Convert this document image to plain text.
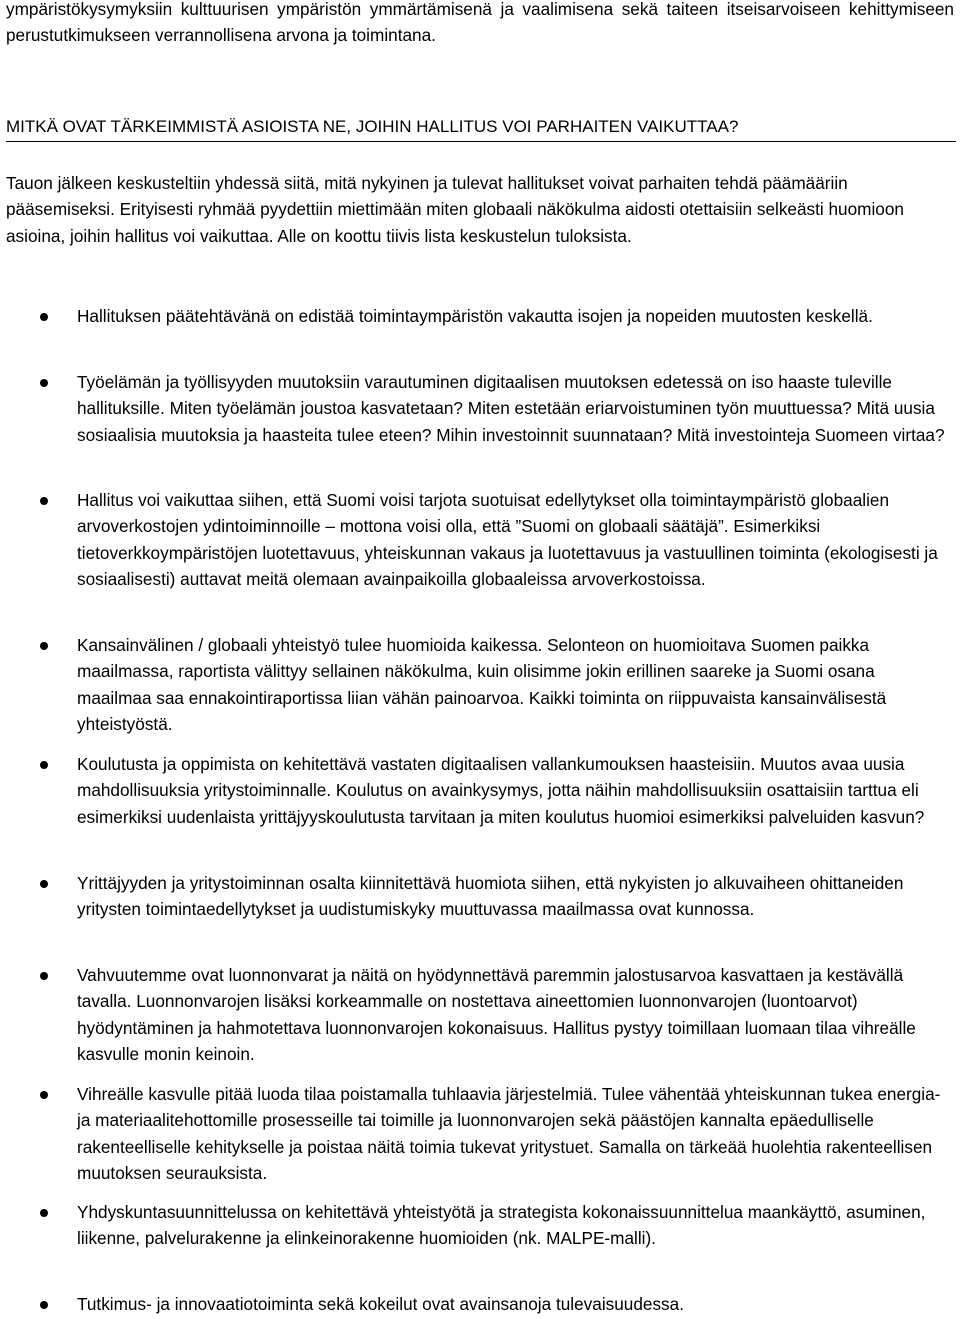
ympäristökysymyksiin kulttuurisen ympäristön ymmärtämisenä ja vaalimisena sekä taiteen itseisarvoiseen kehittymiseen perustutkimukseen verrannollisena arvona ja toimintana.

MITKÄ OVAT TÄRKEIMMISTÄ ASIOISTA NE, JOIHIN HALLITUS VOI PARHAITEN VAIKUTTAA?

Tauon jälkeen keskusteltiin yhdessä siitä, mitä nykyinen ja tulevat hallitukset voivat parhaiten tehdä päämääriin pääsemiseksi. Erityisesti ryhmää pyydettiin miettimään miten globaali näkökulma aidosti otettaisiin selkeästi huomioon asioina, joihin hallitus voi vaikuttaa. Alle on koottu tiivis lista keskustelun tuloksista.

Hallituksen päätehtävänä on edistää toimintaympäristön vakautta isojen ja nopeiden muutosten keskellä.

Työelämän ja työllisyyden muutoksiin varautuminen digitaalisen muutoksen edetessä on iso haaste tuleville hallituksille. Miten työelämän joustoa kasvatetaan? Miten estetään eriarvoistuminen työn muuttuessa? Mitä uusia sosiaalisia muutoksia ja haasteita tulee eteen? Mihin investoinnit suunnataan? Mitä investointeja Suomeen virtaa?

Hallitus voi vaikuttaa siihen, että Suomi voisi tarjota suotuisat edellytykset olla toimintaympäristö globaalien arvoverkostojen ydintoiminnoille – mottona voisi olla, että ”Suomi on globaali säätäjä”. Esimerkiksi tietoverkkoympäristöjen luotettavuus, yhteiskunnan vakaus ja luotettavuus ja vastuullinen toiminta (ekologisesti ja sosiaalisesti) auttavat meitä olemaan avainpaikoilla globaaleissa arvoverkostoissa.

Kansainvälinen / globaali yhteistyö tulee huomioida kaikessa. Selonteon on huomioitava Suomen paikka maailmassa, raportista välittyy sellainen näkökulma, kuin olisimme jokin erillinen saareke ja Suomi osana maailmaa saa ennakointiraportissa liian vähän painoarvoa. Kaikki toiminta on riippuvaista kansainvälisestä yhteistyöstä.

Koulutusta ja oppimista on kehitettävä vastaten digitaalisen vallankumouksen haasteisiin. Muutos avaa uusia mahdollisuuksia yritystoiminnalle. Koulutus on avainkysymys, jotta näihin mahdollisuuksiin osattaisiin tarttua eli esimerkiksi uudenlaista yrittäjyyskoulutusta tarvitaan ja miten koulutus huomioi esimerkiksi palveluiden kasvun?

Yrittäjyyden ja yritystoiminnan osalta kiinnitettävä huomiota siihen, että nykyisten jo alkuvaiheen ohittaneiden yritysten toimintaedellytykset ja uudistumiskyky muuttuvassa maailmassa ovat kunnossa.

Vahvuutemme ovat luonnonvarat ja näitä on hyödynnettävä paremmin jalostusarvoa kasvattaen ja kestävällä tavalla. Luonnonvarojen lisäksi korkeammalle on nostettava aineettomien luonnonvarojen (luontoarvot) hyödyntäminen ja hahmotettava luonnonvarojen kokonaisuus. Hallitus pystyy toimillaan luomaan tilaa vihreälle kasvulle monin keinoin.

Vihreälle kasvulle pitää luoda tilaa poistamalla tuhlaavia järjestelmiä. Tulee vähentää yhteiskunnan tukea energia- ja materiaalitehottomille prosesseille tai toimille ja luonnonvarojen sekä päästöjen kannalta epäedulliselle rakenteelliselle kehitykselle ja poistaa näitä toimia tukevat yritystuet. Samalla on tärkeää huolehtia rakenteellisen muutoksen seurauksista.

Yhdyskuntasuunnittelussa on kehitettävä yhteistyötä ja strategista kokonaissuunnittelua maankäyttö, asuminen, liikenne, palvelurakenne ja elinkeinorakenne huomioiden (nk. MALPE-malli).

Tutkimus- ja innovaatiotoiminta sekä kokeilut ovat avainsanoja tulevaisuudessa.
